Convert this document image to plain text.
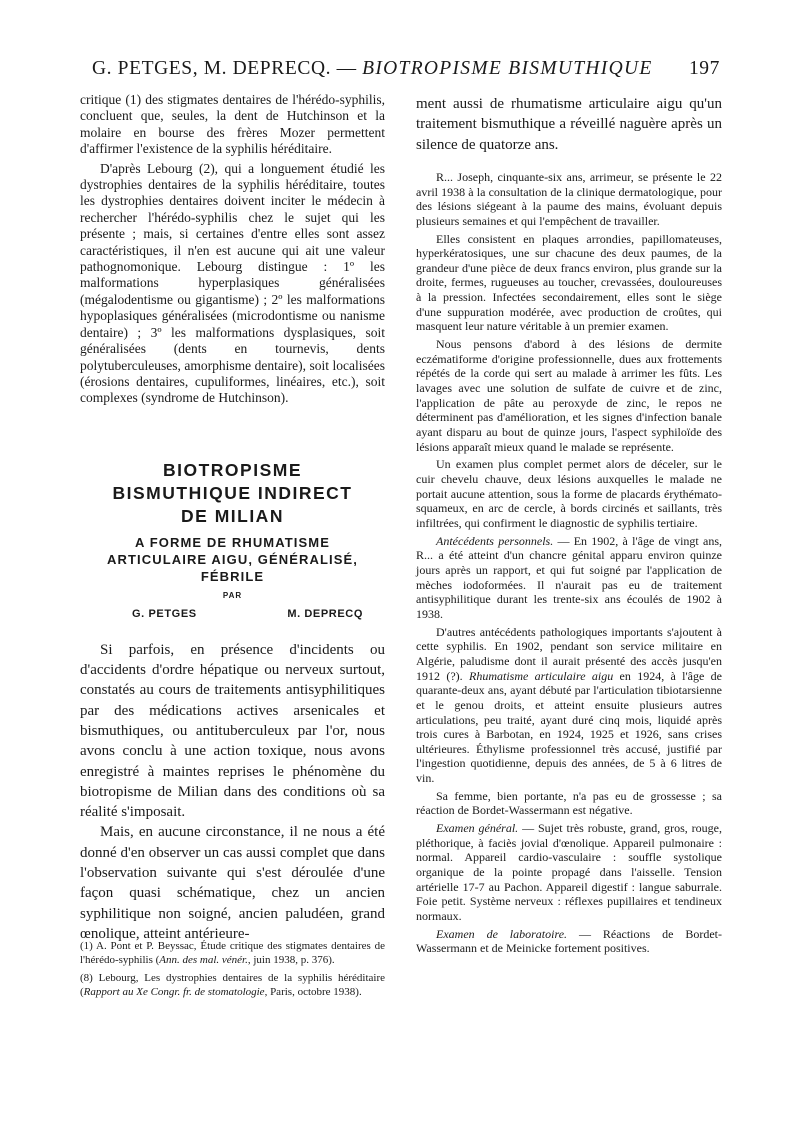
G. PETGES, M. DEPRECQ. — BIOTROPISME BISMUTHIQUE 197

critique (1) des stigmates dentaires de l'hérédo-syphilis, concluent que, seules, la dent de Hutchinson et la molaire en bourse des frères Mozer permettent d'affirmer l'existence de la syphilis héréditaire.

D'après Lebourg (2), qui a longuement étudié les dystrophies dentaires de la syphilis héréditaire, toutes les dystrophies dentaires doivent inciter le médecin à rechercher l'hérédo-syphilis chez le sujet qui les présente ; mais, si certaines d'entre elles sont assez caractéristiques, il n'en est aucune qui ait une valeur pathognomonique. Lebourg distingue : 1º les malformations hyperplasiques généralisées (mégalodentisme ou gigantisme) ; 2º les malformations hypoplasiques généralisées (microdontisme ou nanisme dentaire) ; 3º les malformations dysplasiques, soit généralisées (dents en tournevis, dents polytuberculeuses, amorphisme dentaire), soit localisées (érosions dentaires, cupuliformes, linéaires, etc.), soit complexes (syndrome de Hutchinson).

BIOTROPISME
BISMUTHIQUE INDIRECT
DE MILIAN
A FORME DE RHUMATISME
ARTICULAIRE AIGU, GÉNÉRALISÉ,
FÉBRILE
PAR
G. PETGES	M. DEPRECQ

Si parfois, en présence d'incidents ou d'accidents d'ordre hépatique ou nerveux surtout, constatés au cours de traitements antisyphilitiques par des médications actives arsenicales et bismuthiques, ou antituberculeux par l'or, nous avons conclu à une action toxique, nous avons enregistré à maintes reprises le phénomène du biotropisme de Milian dans des conditions où sa réalité s'imposait.

Mais, en aucune circonstance, il ne nous a été donné d'en observer un cas aussi complet que dans l'observation suivante qui s'est déroulée d'une façon quasi schématique, chez un ancien syphilitique non soigné, ancien paludéen, grand œnolique, atteint antérieure-

(1) A. Pont et P. Beyssac, Étude critique des stigmates dentaires de l'hérédo-syphilis (Ann. des mal. vénér., juin 1938, p. 376).

(8) Lebourg, Les dystrophies dentaires de la syphilis héréditaire (Rapport au Xe Congr. fr. de stomatologie, Paris, octobre 1938).

ment aussi de rhumatisme articulaire aigu qu'un traitement bismuthique a réveillé naguère après un silence de quatorze ans.

R... Joseph, cinquante-six ans, arrimeur, se présente le 22 avril 1938 à la consultation de la clinique dermatologique, pour des lésions siégeant à la paume des mains, évoluant depuis plusieurs semaines et qui l'empêchent de travailler.

Elles consistent en plaques arrondies, papillomateuses, hyperkératosiques, une sur chacune des deux paumes, de la grandeur d'une pièce de deux francs environ, plus grande sur la droite, fermes, rugueuses au toucher, crevassées, douloureuses à la pression. Infectées secondairement, elles sont le siège d'une suppuration modérée, avec production de croûtes, qui masquent leur nature véritable à un premier examen.

Nous pensons d'abord à des lésions de dermite eczématiforme d'origine professionnelle, dues aux frottements répétés de la corde qui sert au malade à arrimer les fûts. Les lavages avec une solution de sulfate de cuivre et de zinc, l'application de pâte au peroxyde de zinc, le repos ne déterminent pas d'amélioration, et les signes d'infection banale ayant disparu au bout de quinze jours, l'aspect syphiloïde des lésions apparaît mieux quand le malade se représente.

Un examen plus complet permet alors de déceler, sur le cuir chevelu chauve, deux lésions auxquelles le malade ne portait aucune attention, sous la forme de placards érythémato-squameux, en arc de cercle, à bords circinés et saillants, très infiltrées, qui confirment le diagnostic de syphilis tertiaire.

Antécédents personnels. — En 1902, à l'âge de vingt ans, R... a été atteint d'un chancre génital apparu environ quinze jours après un rapport, et qui fut soigné par l'application de mèches iodoformées. Il n'aurait pas eu de traitement antisyphilitique durant les trente-six ans écoulés de 1902 à 1938.

D'autres antécédents pathologiques importants s'ajoutent à cette syphilis. En 1902, pendant son service militaire en Algérie, paludisme dont il aurait présenté des accès jusqu'en 1912 (?). Rhumatisme articulaire aigu en 1924, à l'âge de quarante-deux ans, ayant débuté par l'articulation tibiotarsienne et le genou droits, et atteint ensuite plusieurs autres articulations, peu traité, ayant duré cinq mois, liquidé après trois cures à Barbotan, en 1924, 1925 et 1926, sans crises ultérieures. Éthylisme professionnel très accusé, justifié par l'ingestion quotidienne, depuis des années, de 5 à 6 litres de vin.

Sa femme, bien portante, n'a pas eu de grossesse ; sa réaction de Bordet-Wassermann est négative.

Examen général. — Sujet très robuste, grand, gros, rouge, pléthorique, à faciès jovial d'œnolique. Appareil pulmonaire : normal. Appareil cardio-vasculaire : souffle systolique organique de la pointe propagé dans l'aisselle. Tension artérielle 17-7 au Pachon. Appareil digestif : langue saburrale. Foie petit. Système nerveux : réflexes pupillaires et tendineux normaux.

Examen de laboratoire. — Réactions de Bordet-Wassermann et de Meinicke fortement positives.
